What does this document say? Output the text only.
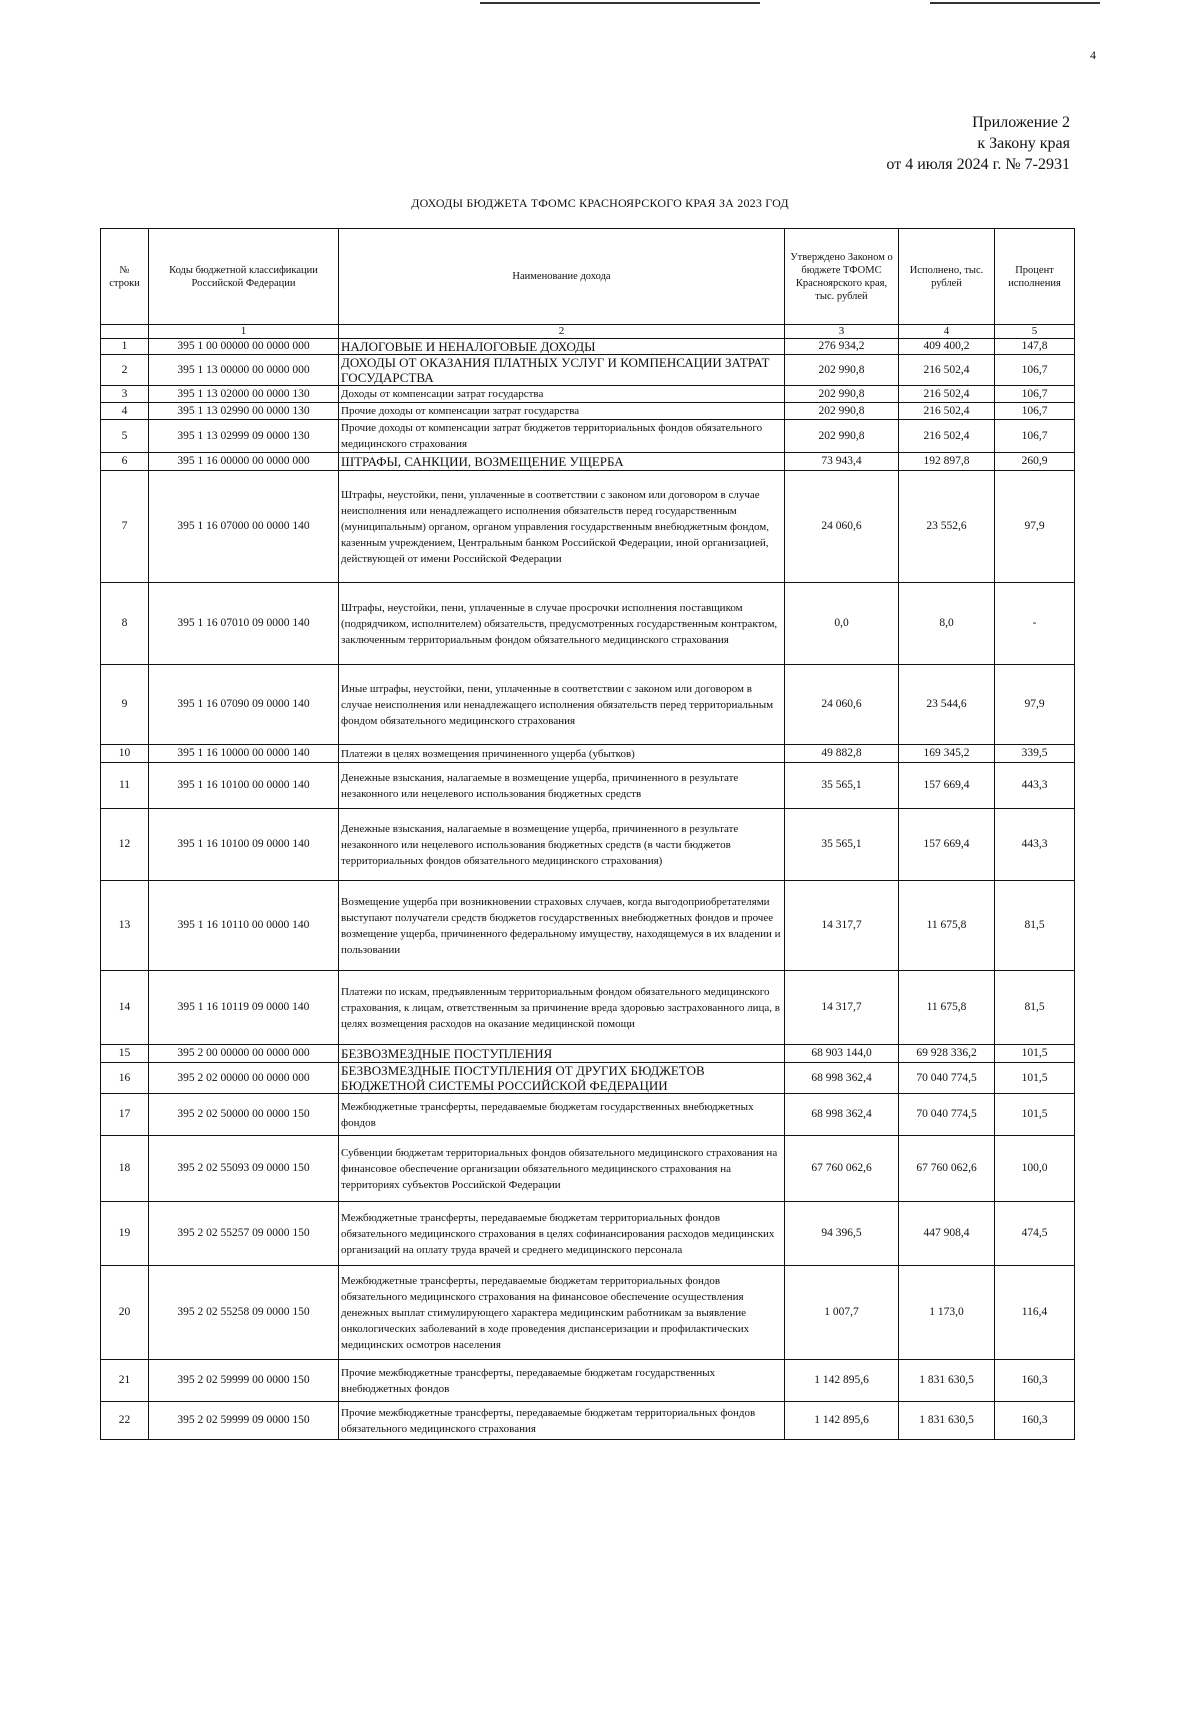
4
Приложение 2
к Закону края
от 4 июля 2024 г. № 7-2931
ДОХОДЫ БЮДЖЕТА ТФОМС КРАСНОЯРСКОГО КРАЯ ЗА 2023 ГОД
№ строки	Коды бюджетной классификации Российской Федерации	Наименование дохода	Утверждено Законом о бюджете ТФОМС Красноярского края, тыс. рублей	Исполнено, тыс. рублей	Процент исполнения
	1	2	3	4	5
1	395 1 00 00000 00 0000 000	НАЛОГОВЫЕ И НЕНАЛОГОВЫЕ ДОХОДЫ	276 934,2	409 400,2	147,8
2	395 1 13 00000 00 0000 000	ДОХОДЫ ОТ ОКАЗАНИЯ ПЛАТНЫХ УСЛУГ И КОМПЕНСАЦИИ ЗАТРАТ ГОСУДАРСТВА	202 990,8	216 502,4	106,7
3	395 1 13 02000 00 0000 130	Доходы от компенсации затрат государства	202 990,8	216 502,4	106,7
4	395 1 13 02990 00 0000 130	Прочие доходы от компенсации затрат государства	202 990,8	216 502,4	106,7
5	395 1 13 02999 09 0000 130	Прочие доходы от компенсации затрат бюджетов территориальных фондов обязательного медицинского страхования	202 990,8	216 502,4	106,7
6	395 1 16 00000 00 0000 000	ШТРАФЫ, САНКЦИИ, ВОЗМЕЩЕНИЕ УЩЕРБА	73 943,4	192 897,8	260,9
7	395 1 16 07000 00 0000 140	Штрафы, неустойки, пени, уплаченные в соответствии с законом или договором в случае неисполнения или ненадлежащего исполнения обязательств перед государственным (муниципальным) органом, органом управления государственным внебюджетным фондом, казенным учреждением, Центральным банком Российской Федерации, иной организацией, действующей от имени Российской Федерации	24 060,6	23 552,6	97,9
8	395 1 16 07010 09 0000 140	Штрафы, неустойки, пени, уплаченные в случае просрочки исполнения поставщиком (подрядчиком, исполнителем) обязательств, предусмотренных государственным контрактом, заключенным территориальным фондом обязательного медицинского страхования	0,0	8,0	-
9	395 1 16 07090 09 0000 140	Иные штрафы, неустойки, пени, уплаченные в соответствии с законом или договором в случае неисполнения или ненадлежащего исполнения обязательств перед территориальным фондом обязательного медицинского страхования	24 060,6	23 544,6	97,9
10	395 1 16 10000 00 0000 140	Платежи в целях возмещения причиненного ущерба (убытков)	49 882,8	169 345,2	339,5
11	395 1 16 10100 00 0000 140	Денежные взыскания, налагаемые в возмещение ущерба, причиненного в результате незаконного или нецелевого использования бюджетных средств	35 565,1	157 669,4	443,3
12	395 1 16 10100 09 0000 140	Денежные взыскания, налагаемые в возмещение ущерба, причиненного в результате незаконного или нецелевого использования бюджетных средств (в части бюджетов территориальных фондов обязательного медицинского страхования)	35 565,1	157 669,4	443,3
13	395 1 16 10110 00 0000 140	Возмещение ущерба при возникновении страховых случаев, когда выгодоприобретателями выступают получатели средств бюджетов государственных внебюджетных фондов и прочее возмещение ущерба, причиненного федеральному имуществу, находящемуся в их владении и пользовании	14 317,7	11 675,8	81,5
14	395 1 16 10119 09 0000 140	Платежи по искам, предъявленным территориальным фондом обязательного медицинского страхования, к лицам, ответственным за причинение вреда здоровью застрахованного лица, в целях возмещения расходов на оказание медицинской помощи	14 317,7	11 675,8	81,5
15	395 2 00 00000 00 0000 000	БЕЗВОЗМЕЗДНЫЕ ПОСТУПЛЕНИЯ	68 903 144,0	69 928 336,2	101,5
16	395 2 02 00000 00 0000 000	БЕЗВОЗМЕЗДНЫЕ ПОСТУПЛЕНИЯ ОТ ДРУГИХ БЮДЖЕТОВ БЮДЖЕТНОЙ СИСТЕМЫ РОССИЙСКОЙ ФЕДЕРАЦИИ	68 998 362,4	70 040 774,5	101,5
17	395 2 02 50000 00 0000 150	Межбюджетные трансферты, передаваемые бюджетам государственных внебюджетных фондов	68 998 362,4	70 040 774,5	101,5
18	395 2 02 55093 09 0000 150	Субвенции бюджетам территориальных фондов обязательного медицинского страхования на финансовое обеспечение организации обязательного медицинского страхования на территориях субъектов Российской Федерации	67 760 062,6	67 760 062,6	100,0
19	395 2 02 55257 09 0000 150	Межбюджетные трансферты, передаваемые бюджетам территориальных фондов обязательного медицинского страхования в целях софинансирования расходов медицинских организаций на оплату труда врачей и среднего медицинского персонала	94 396,5	447 908,4	474,5
20	395 2 02 55258 09 0000 150	Межбюджетные трансферты, передаваемые бюджетам территориальных фондов обязательного медицинского страхования на финансовое обеспечение осуществления денежных выплат стимулирующего характера медицинским работникам за выявление онкологических заболеваний в ходе проведения диспансеризации и профилактических медицинских осмотров населения	1 007,7	1 173,0	116,4
21	395 2 02 59999 00 0000 150	Прочие межбюджетные трансферты, передаваемые бюджетам государственных внебюджетных фондов	1 142 895,6	1 831 630,5	160,3
22	395 2 02 59999 09 0000 150	Прочие межбюджетные трансферты, передаваемые бюджетам территориальных фондов обязательного медицинского страхования	1 142 895,6	1 831 630,5	160,3
